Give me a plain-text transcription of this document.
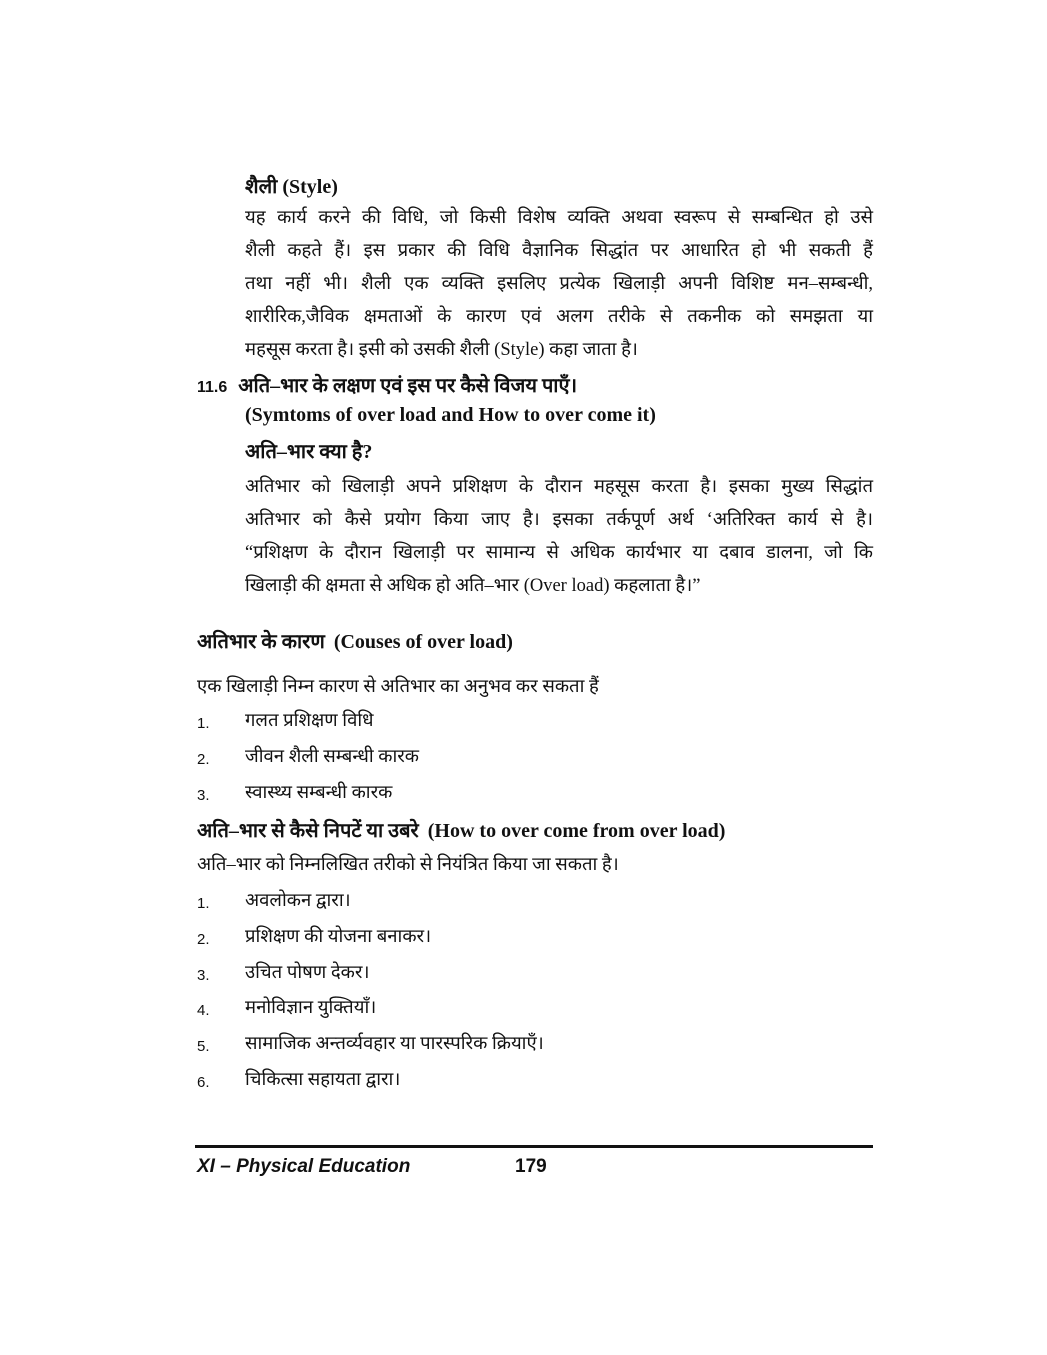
शैली (Style)
यह कार्य करने की विधि, जो किसी विशेष व्यक्ति अथवा स्वरूप से सम्बन्धित हो उसे
शैली कहते हैं। इस प्रकार की विधि वैज्ञानिक सिद्धांत पर आधारित हो भी सकती हैं
तथा नहीं भी। शैली एक व्यक्ति इसलिए प्रत्येक खिलाड़ी अपनी विशिष्ट मन–सम्बन्धी,
शारीरिक,जैविक क्षमताओं के कारण एवं अलग तरीके से तकनीक को समझता या
महसूस करता है। इसी को उसकी शैली (Style) कहा जाता है।
11.6 अति–भार के लक्षण एवं इस पर कैसे विजय पाएँ।
(Symtoms of over load and How to over come it)
अति–भार क्या है?
अतिभार को खिलाड़ी अपने प्रशिक्षण के दौरान महसूस करता है। इसका मुख्य सिद्धांत
अतिभार को कैसे प्रयोग किया जाए है। इसका तर्कपूर्ण अर्थ ‘अतिरिक्त कार्य से है।
“प्रशिक्षण के दौरान खिलाड़ी पर सामान्य से अधिक कार्यभार या दबाव डालना, जो कि
खिलाड़ी की क्षमता से अधिक हो अति–भार (Over load) कहलाता है।”
अतिभार के कारण (Couses of over load)
एक खिलाड़ी निम्न कारण से अतिभार का अनुभव कर सकता हैं
1. गलत प्रशिक्षण विधि
2. जीवन शैली सम्बन्धी कारक
3. स्वास्थ्य सम्बन्धी कारक
अति–भार से कैसे निपटें या उबरे (How to over come from over load)
अति–भार को निम्नलिखित तरीको से नियंत्रित किया जा सकता है।
1. अवलोकन द्वारा।
2. प्रशिक्षण की योजना बनाकर।
3. उचित पोषण देकर।
4. मनोविज्ञान युक्तियाँ।
5. सामाजिक अन्तर्व्यवहार या पारस्परिक क्रियाएँ।
6. चिकित्सा सहायता द्वारा।
XI – Physical Education	179
